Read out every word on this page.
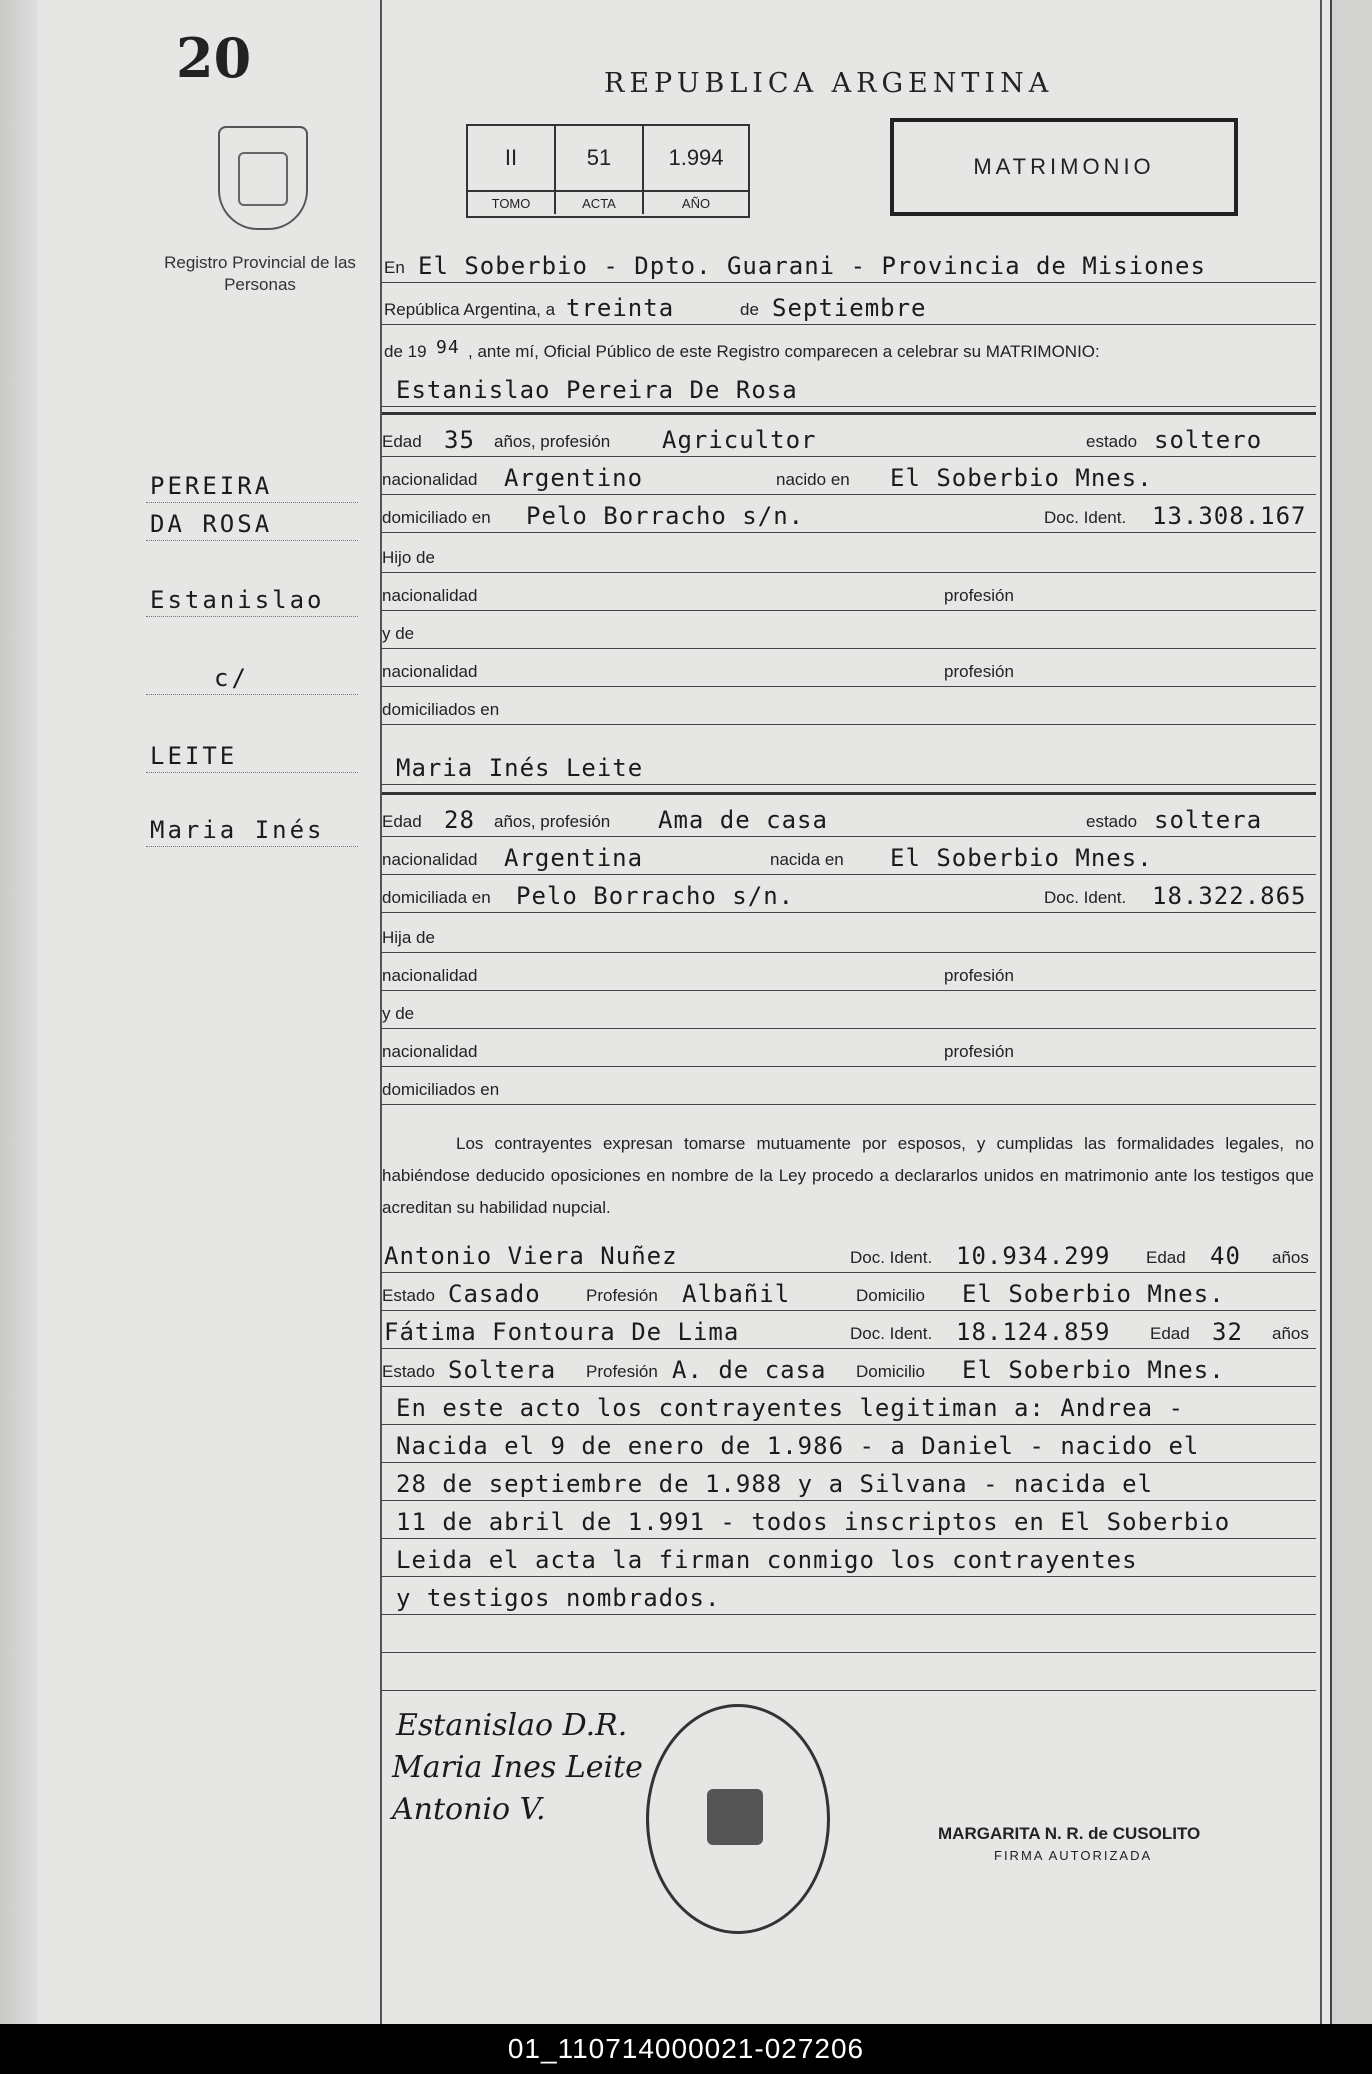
20
Registro Provincial de las Personas
REPUBLICA ARGENTINA
II	51	1.994
TOMO	ACTA	AÑO
MATRIMONIO
En El Soberbio - Dpto. Guarani - Provincia de Misiones
República Argentina, a treinta	de Septiembre
de 19 94 , ante mí, Oficial Público de este Registro comparecen a celebrar su MATRIMONIO:
Estanislao Pereira De Rosa
Edad 35 años, profesión Agricultor	estado soltero
nacionalidad Argentino	nacido en El Soberbio Mnes.
domiciliado en Pelo Borracho s/n.	Doc. Ident. 13.308.167
Hijo de
nacionalidad	profesión
y de
nacionalidad	profesión
domiciliados en
Maria Inés Leite
Edad 28 años, profesión Ama de casa	estado soltera
nacionalidad Argentina	nacida en El Soberbio Mnes.
domiciliada en Pelo Borracho s/n.	Doc. Ident. 18.322.865
Hija de
nacionalidad	profesión
y de
nacionalidad	profesión
domiciliados en
Los contrayentes expresan tomarse mutuamente por esposos, y cumplidas las formalidades legales, no habiéndose deducido oposiciones en nombre de la Ley procedo a declararlos unidos en matrimonio ante los testigos que acreditan su habilidad nupcial.
Antonio Viera Nuñez	Doc. Ident. 10.934.299 Edad 40 años
Estado Casado	Profesión Albañil	Domicilio El Soberbio Mnes.
Fátima Fontoura De Lima	Doc. Ident. 18.124.859 Edad 32 años
Estado Soltera Profesión A. de casa Domicilio El Soberbio Mnes.
En este acto los contrayentes legitiman a: Andrea -
Nacida el 9 de enero de 1.986 - a Daniel - nacido el
28 de septiembre de 1.988 y a Silvana - nacida el
11 de abril de 1.991 - todos inscriptos en El Soberbio
Leida el acta la firman conmigo los contrayentes
y testigos nombrados.
PEREIRA
DA ROSA
Estanislao
c/
LEITE
Maria Inés
Estanislao D.R.
Maria Ines Leite
Antonio V.
MARGARITA N. R. de CUSOLITO
FIRMA AUTORIZADA
01_110714000021-027206
